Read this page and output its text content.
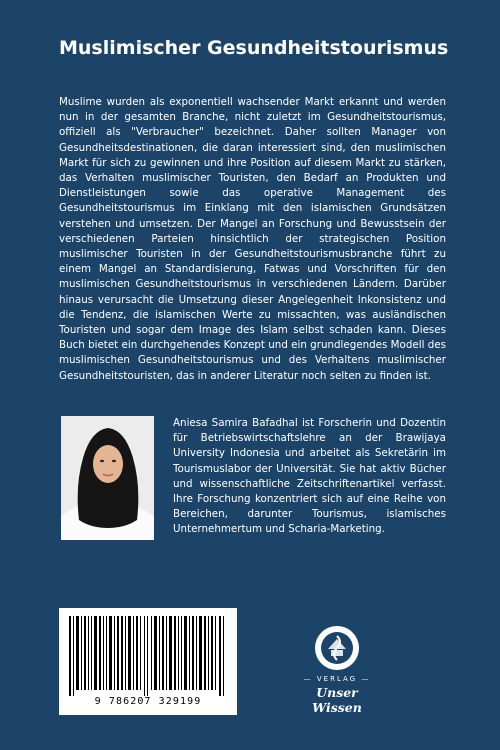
Muslimischer Gesundheitstourismus

Muslime wurden als exponentiell wachsender Markt erkannt und werden nun in der gesamten Branche, nicht zuletzt im Gesundheitstourismus, offiziell als "Verbraucher" bezeichnet. Daher sollten Manager von Gesundheitsdestinationen, die daran interessiert sind, den muslimischen Markt für sich zu gewinnen und ihre Position auf diesem Markt zu stärken, das Verhalten muslimischer Touristen, den Bedarf an Produkten und Dienstleistungen sowie das operative Management des Gesundheitstourismus im Einklang mit den islamischen Grundsätzen verstehen und umsetzen. Der Mangel an Forschung und Bewusstsein der verschiedenen Parteien hinsichtlich der strategischen Position muslimischer Touristen in der Gesundheitstourismusbranche führt zu einem Mangel an Standardisierung, Fatwas und Vorschriften für den muslimischen Gesundheitstourismus in verschiedenen Ländern. Darüber hinaus verursacht die Umsetzung dieser Angelegenheit Inkonsistenz und die Tendenz, die islamischen Werte zu missachten, was ausländischen Touristen und sogar dem Image des Islam selbst schaden kann. Dieses Buch bietet ein durchgehendes Konzept und ein grundlegendes Modell des muslimischen Gesundheitstourismus und des Verhaltens muslimischer Gesundheitstouristen, das in anderer Literatur noch selten zu finden ist.

Aniesa Samira Bafadhal ist Forscherin und Dozentin für Betriebswirtschaftslehre an der Brawijaya University Indonesia und arbeitet als Sekretärin im Tourismuslabor der Universität. Sie hat aktiv Bücher und wissenschaftliche Zeitschriftenartikel verfasst. Ihre Forschung konzentriert sich auf eine Reihe von Bereichen, darunter Tourismus, islamisches Unternehmertum und Scharia-Marketing.

9 786207 329199
— VERLAG —
Unser Wissen
